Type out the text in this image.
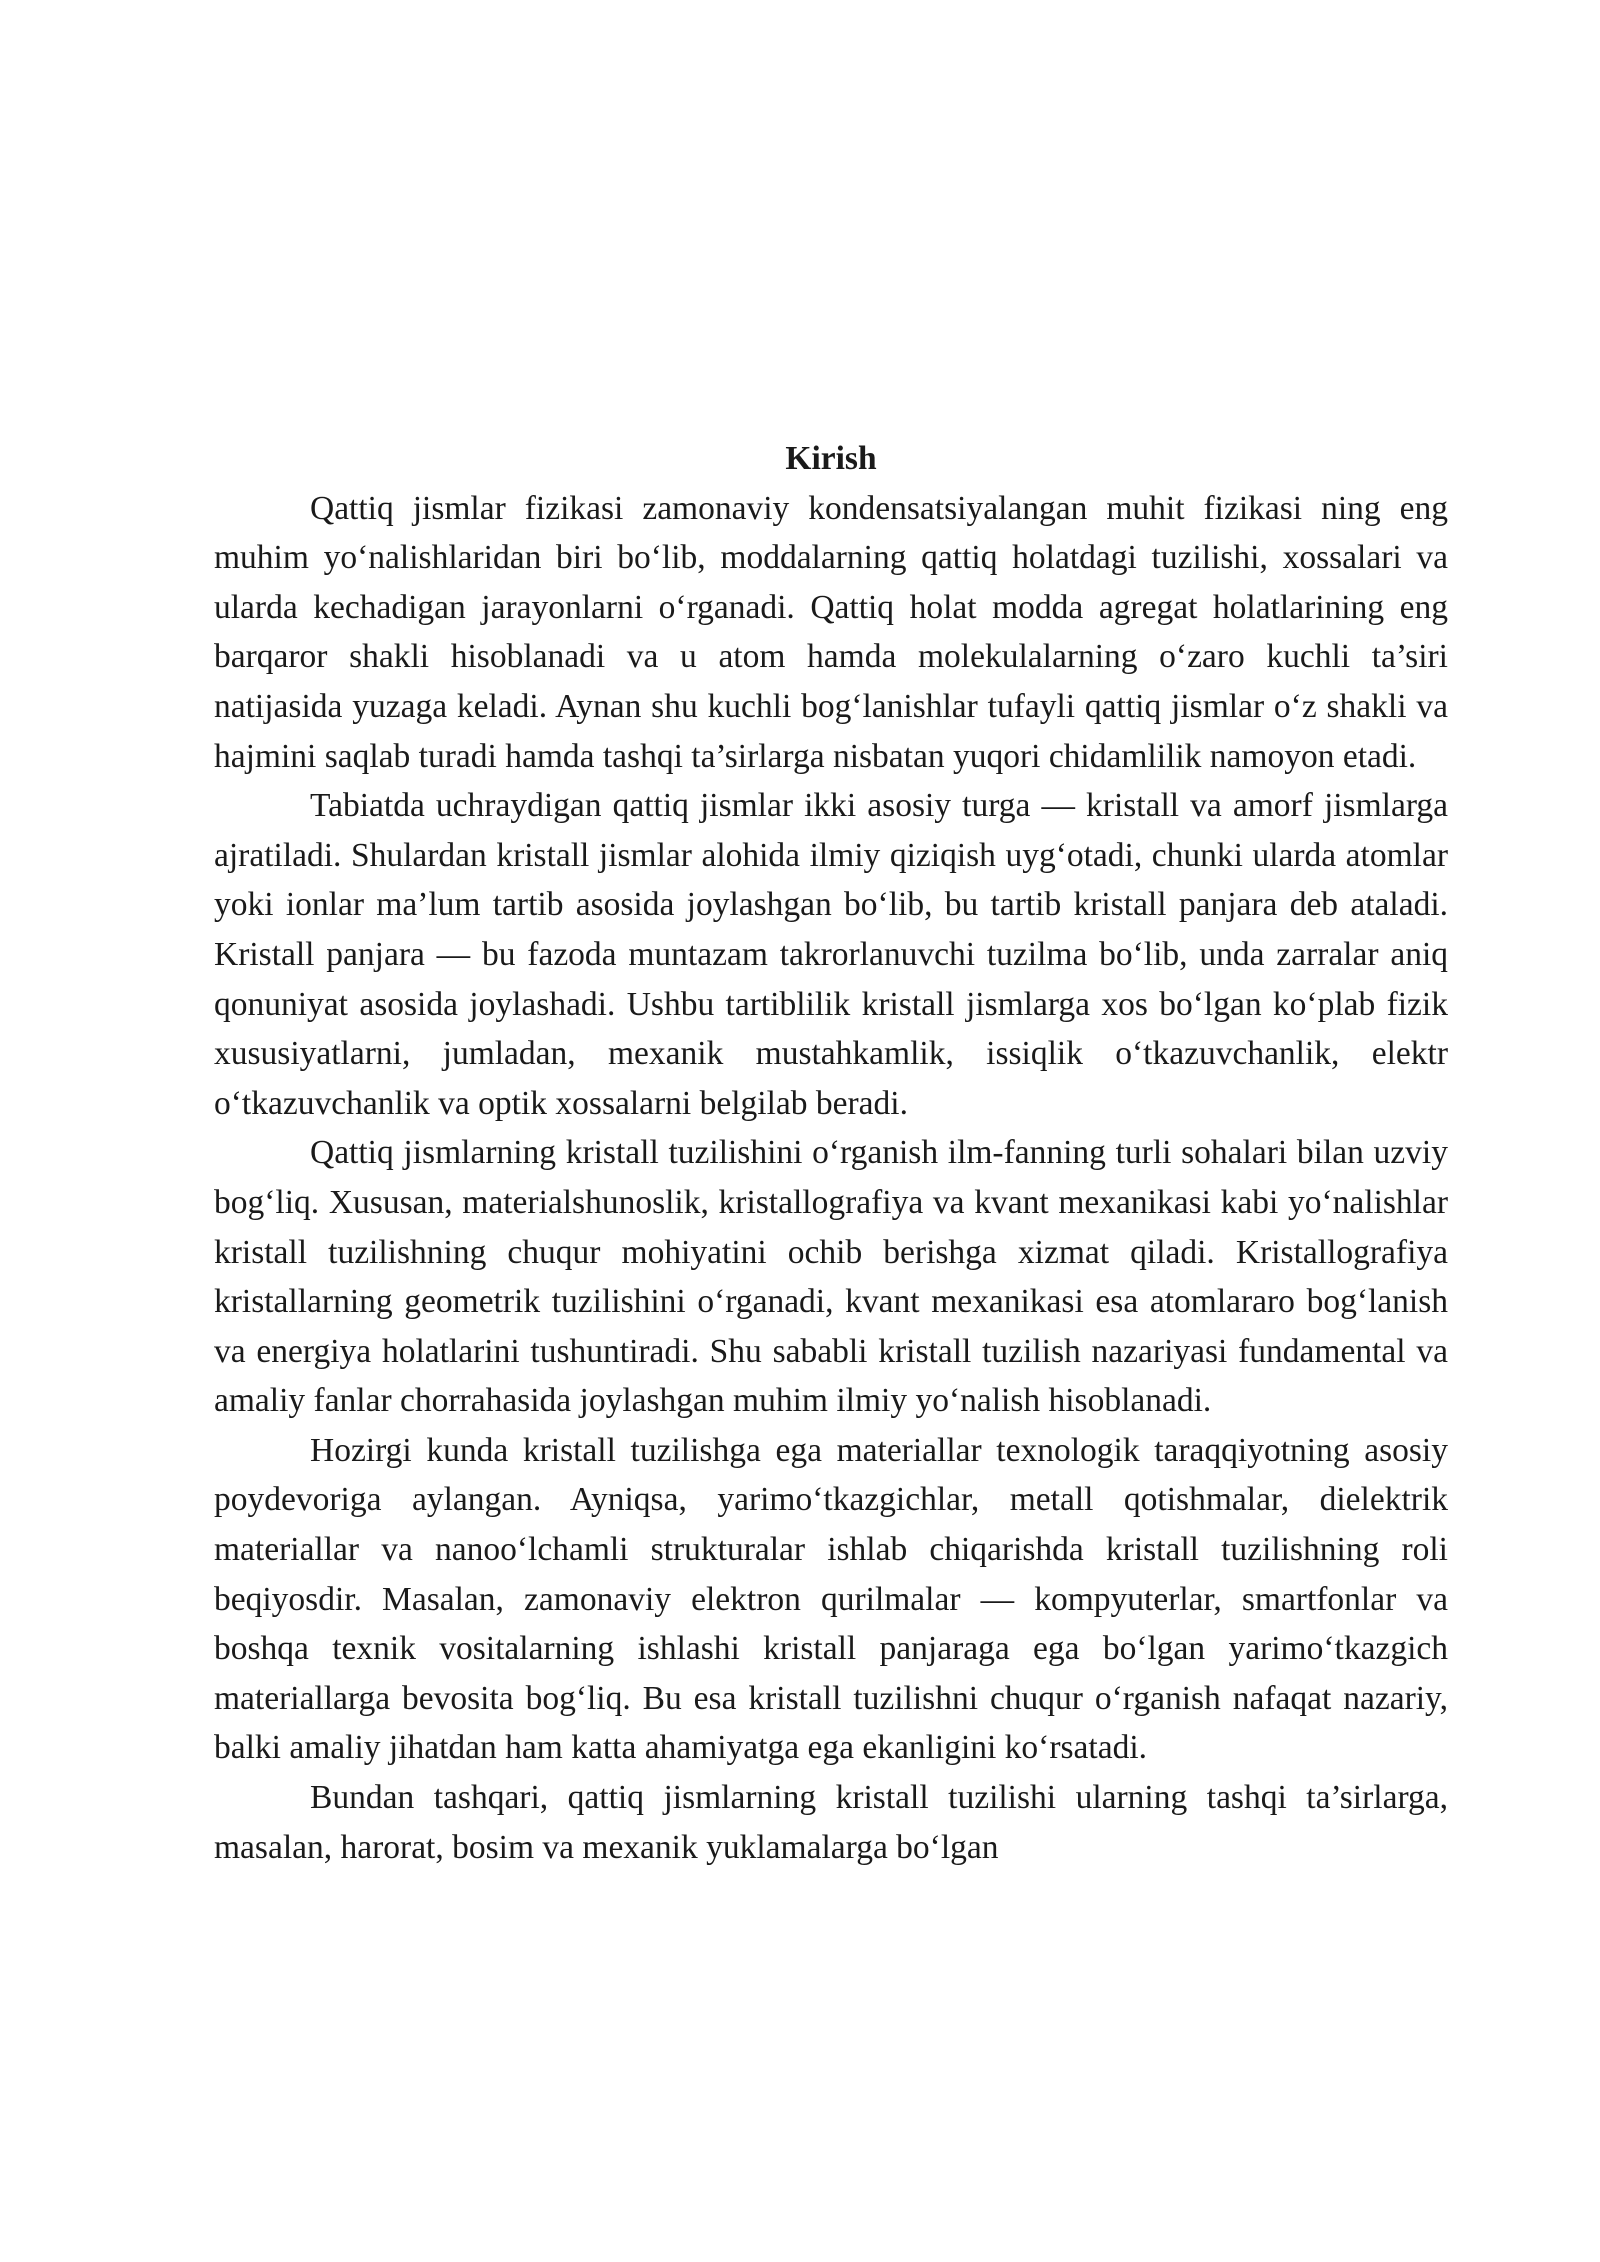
Kirish

Qattiq jismlar fizikasi zamonaviy kondensatsiyalangan muhit fizikasi ning eng muhim yo‘nalishlaridan biri bo‘lib, moddalarning qattiq holatdagi tuzilishi, xossalari va ularda kechadigan jarayonlarni o‘rganadi. Qattiq holat modda agregat holatlarining eng barqaror shakli hisoblanadi va u atom hamda molekulalarning o‘zaro kuchli ta’siri natijasida yuzaga keladi. Aynan shu kuchli bog‘lanishlar tufayli qattiq jismlar o‘z shakli va hajmini saqlab turadi hamda tashqi ta’sirlarga nisbatan yuqori chidamlilik namoyon etadi.

Tabiatda uchraydigan qattiq jismlar ikki asosiy turga — kristall va amorf jismlarga ajratiladi. Shulardan kristall jismlar alohida ilmiy qiziqish uyg‘otadi, chunki ularda atomlar yoki ionlar ma’lum tartib asosida joylashgan bo‘lib, bu tartib kristall panjara deb ataladi. Kristall panjara — bu fazoda muntazam takrorlanuvchi tuzilma bo‘lib, unda zarralar aniq qonuniyat asosida joylashadi. Ushbu tartiblilik kristall jismlarga xos bo‘lgan ko‘plab fizik xususiyatlarni, jumladan, mexanik mustahkamlik, issiqlik o‘tkazuvchanlik, elektr o‘tkazuvchanlik va optik xossalarni belgilab beradi.

Qattiq jismlarning kristall tuzilishini o‘rganish ilm-fanning turli sohalari bilan uzviy bog‘liq. Xususan, materialshunoslik, kristallografiya va kvant mexanikasi kabi yo‘nalishlar kristall tuzilishning chuqur mohiyatini ochib berishga xizmat qiladi. Kristallografiya kristallarning geometrik tuzilishini o‘rganadi, kvant mexanikasi esa atomlararo bog‘lanish va energiya holatlarini tushuntiradi. Shu sababli kristall tuzilish nazariyasi fundamental va amaliy fanlar chorrahasida joylashgan muhim ilmiy yo‘nalish hisoblanadi.

Hozirgi kunda kristall tuzilishga ega materiallar texnologik taraqqiyotning asosiy poydevoriga aylangan. Ayniqsa, yarimo‘tkazgichlar, metall qotishmalar, dielektrik materiallar va nanoo‘lchamli strukturalar ishlab chiqarishda kristall tuzilishning roli beqiyosdir. Masalan, zamonaviy elektron qurilmalar — kompyuterlar, smartfonlar va boshqa texnik vositalarning ishlashi kristall panjaraga ega bo‘lgan yarimo‘tkazgich materiallarga bevosita bog‘liq. Bu esa kristall tuzilishni chuqur o‘rganish nafaqat nazariy, balki amaliy jihatdan ham katta ahamiyatga ega ekanligini ko‘rsatadi.

Bundan tashqari, qattiq jismlarning kristall tuzilishi ularning tashqi ta’sirlarga, masalan, harorat, bosim va mexanik yuklamalarga bo‘lgan
